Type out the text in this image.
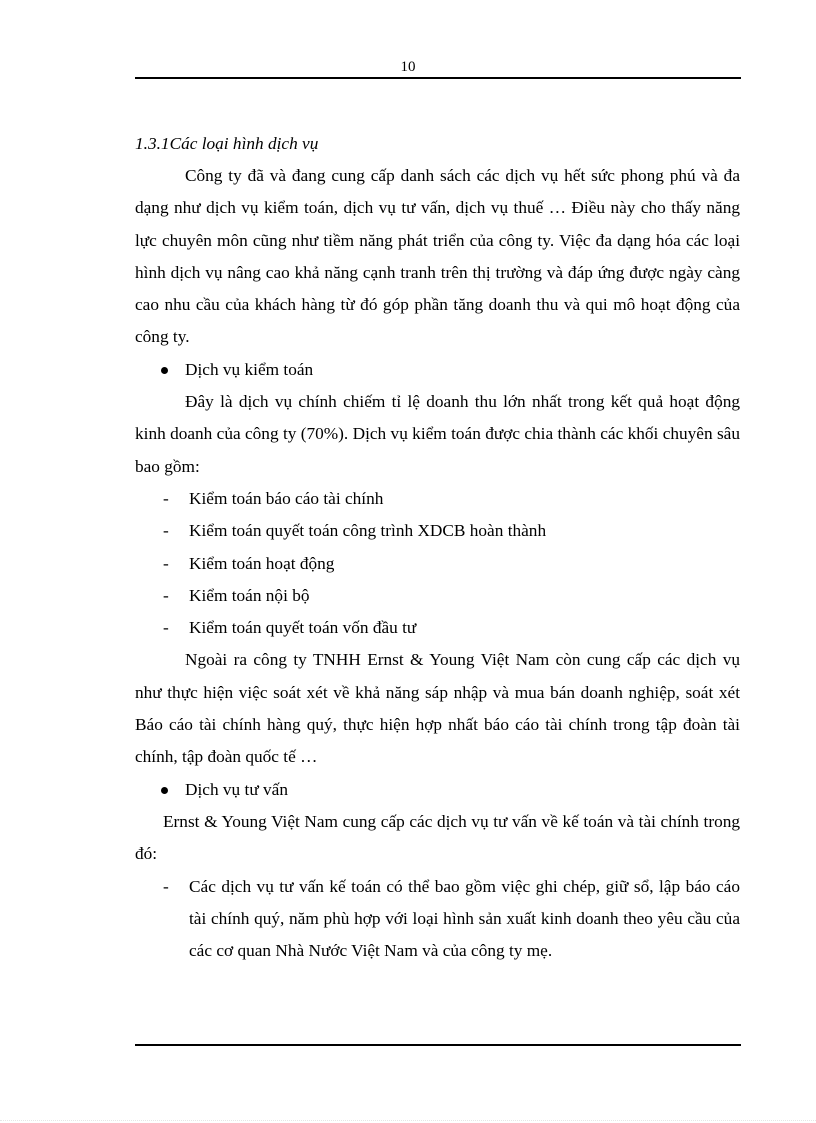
10
1.3.1Các loại hình dịch vụ

Công ty đã và đang cung cấp danh sách các dịch vụ hết sức phong phú và đa dạng như dịch vụ kiểm toán, dịch vụ tư vấn, dịch vụ thuế … Điều này cho thấy năng lực chuyên môn cũng như tiềm năng phát triển của công ty. Việc đa dạng hóa các loại hình dịch vụ nâng cao khả năng cạnh tranh trên thị trường và đáp ứng được ngày càng cao nhu cầu của khách hàng từ đó góp phần tăng doanh thu và qui mô hoạt động của công ty.

Dịch vụ kiểm toán

Đây là dịch vụ chính chiếm tỉ lệ doanh thu lớn nhất trong kết quả hoạt động kinh doanh của công ty (70%). Dịch vụ kiểm toán được chia thành các khối chuyên sâu bao gồm:

- Kiểm toán báo cáo tài chính
- Kiểm toán quyết toán công trình XDCB hoàn thành
- Kiểm toán hoạt động
- Kiểm toán nội bộ
- Kiểm toán quyết toán vốn đầu tư

Ngoài ra công ty TNHH Ernst & Young Việt Nam còn cung cấp các dịch vụ như thực hiện việc soát xét về khả năng sáp nhập và mua bán doanh nghiệp, soát xét Báo cáo tài chính hàng quý, thực hiện hợp nhất báo cáo tài chính trong tập đoàn tài chính, tập đoàn quốc tế …

Dịch vụ tư vấn

Ernst & Young Việt Nam cung cấp các dịch vụ tư vấn về kế toán và tài chính trong đó:

- Các dịch vụ tư vấn kế toán có thể bao gồm việc ghi chép, giữ sổ, lập báo cáo tài chính quý, năm phù hợp với loại hình sản xuất kinh doanh theo yêu cầu của các cơ quan Nhà Nước Việt Nam và của công ty mẹ.
